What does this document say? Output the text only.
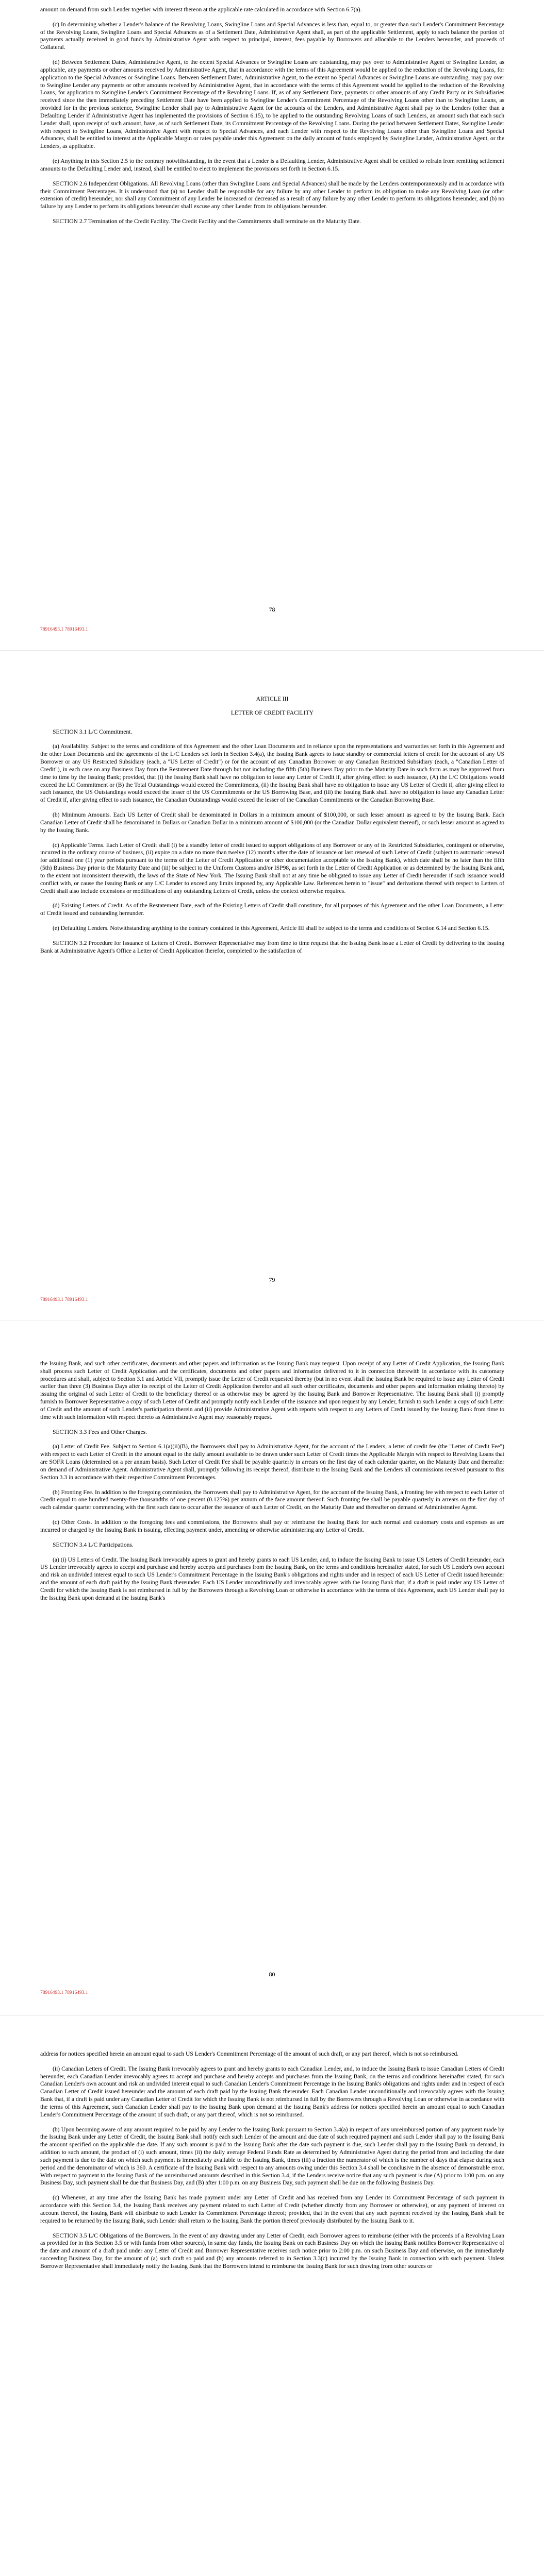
amount on demand from such Lender together with interest thereon at the applicable rate calculated in accordance with Section 6.7(a).

(c) In determining whether a Lender's balance of the Revolving Loans, Swingline Loans and Special Advances is less than, equal to, or greater than such Lender's Commitment Percentage of the Revolving Loans, Swingline Loans and Special Advances as of a Settlement Date, Administrative Agent shall, as part of the applicable Settlement, apply to such balance the portion of payments actually received in good funds by Administrative Agent with respect to principal, interest, fees payable by Borrowers and allocable to the Lenders hereunder, and proceeds of Collateral.

(d) Between Settlement Dates, Administrative Agent, to the extent Special Advances or Swingline Loans are outstanding, may pay over to Administrative Agent or Swingline Lender, as applicable, any payments or other amounts received by Administrative Agent, that in accordance with the terms of this Agreement would be applied to the reduction of the Revolving Loans, for application to the Special Advances or Swingline Loans. Between Settlement Dates, Administrative Agent, to the extent no Special Advances or Swingline Loans are outstanding, may pay over to Swingline Lender any payments or other amounts received by Administrative Agent, that in accordance with the terms of this Agreement would be applied to the reduction of the Revolving Loans, for application to Swingline Lender's Commitment Percentage of the Revolving Loans. If, as of any Settlement Date, payments or other amounts of any Credit Party or its Subsidiaries received since the then immediately preceding Settlement Date have been applied to Swingline Lender's Commitment Percentage of the Revolving Loans other than to Swingline Loans, as provided for in the previous sentence, Swingline Lender shall pay to Administrative Agent for the accounts of the Lenders, and Administrative Agent shall pay to the Lenders (other than a Defaulting Lender if Administrative Agent has implemented the provisions of Section 6.15), to be applied to the outstanding Revolving Loans of such Lenders, an amount such that each such Lender shall, upon receipt of such amount, have, as of such Settlement Date, its Commitment Percentage of the Revolving Loans. During the period between Settlement Dates, Swingline Lender with respect to Swingline Loans, Administrative Agent with respect to Special Advances, and each Lender with respect to the Revolving Loans other than Swingline Loans and Special Advances, shall be entitled to interest at the Applicable Margin or rates payable under this Agreement on the daily amount of funds employed by Swingline Lender, Administrative Agent, or the Lenders, as applicable.

(e) Anything in this Section 2.5 to the contrary notwithstanding, in the event that a Lender is a Defaulting Lender, Administrative Agent shall be entitled to refrain from remitting settlement amounts to the Defaulting Lender and, instead, shall be entitled to elect to implement the provisions set forth in Section 6.15.

SECTION 2.6 Independent Obligations. All Revolving Loans (other than Swingline Loans and Special Advances) shall be made by the Lenders contemporaneously and in accordance with their Commitment Percentages. It is understood that (a) no Lender shall be responsible for any failure by any other Lender to perform its obligation to make any Revolving Loan (or other extension of credit) hereunder, nor shall any Commitment of any Lender be increased or decreased as a result of any failure by any other Lender to perform its obligations hereunder, and (b) no failure by any Lender to perform its obligations hereunder shall excuse any other Lender from its obligations hereunder.

SECTION 2.7 Termination of the Credit Facility. The Credit Facility and the Commitments shall terminate on the Maturity Date.

78
78916493.1 78916493.1
ARTICLE III
LETTER OF CREDIT FACILITY

SECTION 3.1 L/C Commitment.

(a) Availability. Subject to the terms and conditions of this Agreement and the other Loan Documents and in reliance upon the representations and warranties set forth in this Agreement and the other Loan Documents and the agreements of the L/C Lenders set forth in Section 3.4(a), the Issuing Bank agrees to issue standby or commercial letters of credit for the account of any US Borrower or any US Restricted Subsidiary (each, a "US Letter of Credit") or for the account of any Canadian Borrower or any Canadian Restricted Subsidiary (each, a "Canadian Letter of Credit"), in each case on any Business Day from the Restatement Date through but not including the fifth (5th) Business Day prior to the Maturity Date in such form as may be approved from time to time by the Issuing Bank; provided, that (i) the Issuing Bank shall have no obligation to issue any Letter of Credit if, after giving effect to such issuance, (A) the L/C Obligations would exceed the LC Commitment or (B) the Total Outstandings would exceed the Commitments, (ii) the Issuing Bank shall have no obligation to issue any US Letter of Credit if, after giving effect to such issuance, the US Outstandings would exceed the lesser of the US Commitments or the US Borrowing Base, and (iii) the Issuing Bank shall have no obligation to issue any Canadian Letter of Credit if, after giving effect to such issuance, the Canadian Outstandings would exceed the lesser of the Canadian Commitments or the Canadian Borrowing Base.

(b) Minimum Amounts. Each US Letter of Credit shall be denominated in Dollars in a minimum amount of $100,000, or such lesser amount as agreed to by the Issuing Bank. Each Canadian Letter of Credit shall be denominated in Dollars or Canadian Dollar in a minimum amount of $100,000 (or the Canadian Dollar equivalent thereof), or such lesser amount as agreed to by the Issuing Bank.

(c) Applicable Terms. Each Letter of Credit shall (i) be a standby letter of credit issued to support obligations of any Borrower or any of its Restricted Subsidiaries, contingent or otherwise, incurred in the ordinary course of business, (ii) expire on a date no more than twelve (12) months after the date of issuance or last renewal of such Letter of Credit (subject to automatic renewal for additional one (1) year periods pursuant to the terms of the Letter of Credit Application or other documentation acceptable to the Issuing Bank), which date shall be no later than the fifth (5th) Business Day prior to the Maturity Date and (iii) be subject to the Uniform Customs and/or ISP98, as set forth in the Letter of Credit Application or as determined by the Issuing Bank and, to the extent not inconsistent therewith, the laws of the State of New York. The Issuing Bank shall not at any time be obligated to issue any Letter of Credit hereunder if such issuance would conflict with, or cause the Issuing Bank or any L/C Lender to exceed any limits imposed by, any Applicable Law. References herein to "issue" and derivations thereof with respect to Letters of Credit shall also include extensions or modifications of any outstanding Letters of Credit, unless the context otherwise requires.

(d) Existing Letters of Credit. As of the Restatement Date, each of the Existing Letters of Credit shall constitute, for all purposes of this Agreement and the other Loan Documents, a Letter of Credit issued and outstanding hereunder.

(e) Defaulting Lenders. Notwithstanding anything to the contrary contained in this Agreement, Article III shall be subject to the terms and conditions of Section 6.14 and Section 6.15.

SECTION 3.2 Procedure for Issuance of Letters of Credit. Borrower Representative may from time to time request that the Issuing Bank issue a Letter of Credit by delivering to the Issuing Bank at Administrative Agent's Office a Letter of Credit Application therefor, completed to the satisfaction of

79
78916493.1 78916493.1

the Issuing Bank, and such other certificates, documents and other papers and information as the Issuing Bank may request. Upon receipt of any Letter of Credit Application, the Issuing Bank shall process such Letter of Credit Application and the certificates, documents and other papers and information delivered to it in connection therewith in accordance with its customary procedures and shall, subject to Section 3.1 and Article VII, promptly issue the Letter of Credit requested thereby (but in no event shall the Issuing Bank be required to issue any Letter of Credit earlier than three (3) Business Days after its receipt of the Letter of Credit Application therefor and all such other certificates, documents and other papers and information relating thereto) by issuing the original of such Letter of Credit to the beneficiary thereof or as otherwise may be agreed by the Issuing Bank and Borrower Representative. The Issuing Bank shall (i) promptly furnish to Borrower Representative a copy of such Letter of Credit and promptly notify each Lender of the issuance and upon request by any Lender, furnish to such Lender a copy of such Letter of Credit and the amount of such Lender's participation therein and (ii) provide Administrative Agent with reports with respect to any Letters of Credit issued by the Issuing Bank from time to time with such information with respect thereto as Administrative Agent may reasonably request.

SECTION 3.3 Fees and Other Charges.

(a) Letter of Credit Fee. Subject to Section 6.1(a)(ii)(B), the Borrowers shall pay to Administrative Agent, for the account of the Lenders, a letter of credit fee (the "Letter of Credit Fee") with respect to each Letter of Credit in the amount equal to the daily amount available to be drawn under such Letter of Credit times the Applicable Margin with respect to Revolving Loans that are SOFR Loans (determined on a per annum basis). Such Letter of Credit Fee shall be payable quarterly in arrears on the first day of each calendar quarter, on the Maturity Date and thereafter on demand of Administrative Agent. Administrative Agent shall, promptly following its receipt thereof, distribute to the Issuing Bank and the Lenders all commissions received pursuant to this Section 3.3 in accordance with their respective Commitment Percentages.

(b) Fronting Fee. In addition to the foregoing commission, the Borrowers shall pay to Administrative Agent, for the account of the Issuing Bank, a fronting fee with respect to each Letter of Credit equal to one hundred twenty-five thousandths of one percent (0.125%) per annum of the face amount thereof. Such fronting fee shall be payable quarterly in arrears on the first day of each calendar quarter commencing with the first such date to occur after the issuance of such Letter of Credit, on the Maturity Date and thereafter on demand of Administrative Agent.

(c) Other Costs. In addition to the foregoing fees and commissions, the Borrowers shall pay or reimburse the Issuing Bank for such normal and customary costs and expenses as are incurred or charged by the Issuing Bank in issuing, effecting payment under, amending or otherwise administering any Letter of Credit.

SECTION 3.4 L/C Participations.

(a) (i) US Letters of Credit. The Issuing Bank irrevocably agrees to grant and hereby grants to each US Lender, and, to induce the Issuing Bank to issue US Letters of Credit hereunder, each US Lender irrevocably agrees to accept and purchase and hereby accepts and purchases from the Issuing Bank, on the terms and conditions hereinafter stated, for such US Lender's own account and risk an undivided interest equal to such US Lender's Commitment Percentage in the Issuing Bank's obligations and rights under and in respect of each US Letter of Credit issued hereunder and the amount of each draft paid by the Issuing Bank thereunder. Each US Lender unconditionally and irrevocably agrees with the Issuing Bank that, if a draft is paid under any US Letter of Credit for which the Issuing Bank is not reimbursed in full by the Borrowers through a Revolving Loan or otherwise in accordance with the terms of this Agreement, such US Lender shall pay to the Issuing Bank upon demand at the Issuing Bank's

80
78916493.1 78916493.1

address for notices specified herein an amount equal to such US Lender's Commitment Percentage of the amount of such draft, or any part thereof, which is not so reimbursed.

(ii) Canadian Letters of Credit. The Issuing Bank irrevocably agrees to grant and hereby grants to each Canadian Lender, and, to induce the Issuing Bank to issue Canadian Letters of Credit hereunder, each Canadian Lender irrevocably agrees to accept and purchase and hereby accepts and purchases from the Issuing Bank, on the terms and conditions hereinafter stated, for such Canadian Lender's own account and risk an undivided interest equal to such Canadian Lender's Commitment Percentage in the Issuing Bank's obligations and rights under and in respect of each Canadian Letter of Credit issued hereunder and the amount of each draft paid by the Issuing Bank thereunder. Each Canadian Lender unconditionally and irrevocably agrees with the Issuing Bank that, if a draft is paid under any Canadian Letter of Credit for which the Issuing Bank is not reimbursed in full by the Borrowers through a Revolving Loan or otherwise in accordance with the terms of this Agreement, such Canadian Lender shall pay to the Issuing Bank upon demand at the Issuing Bank's address for notices specified herein an amount equal to such Canadian Lender's Commitment Percentage of the amount of such draft, or any part thereof, which is not so reimbursed.

(b) Upon becoming aware of any amount required to be paid by any Lender to the Issuing Bank pursuant to Section 3.4(a) in respect of any unreimbursed portion of any payment made by the Issuing Bank under any Letter of Credit, the Issuing Bank shall notify each such Lender of the amount and due date of such required payment and such Lender shall pay to the Issuing Bank the amount specified on the applicable due date. If any such amount is paid to the Issuing Bank after the date such payment is due, such Lender shall pay to the Issuing Bank on demand, in addition to such amount, the product of (i) such amount, times (ii) the daily average Federal Funds Rate as determined by Administrative Agent during the period from and including the date such payment is due to the date on which such payment is immediately available to the Issuing Bank, times (iii) a fraction the numerator of which is the number of days that elapse during such period and the denominator of which is 360. A certificate of the Issuing Bank with respect to any amounts owing under this Section 3.4 shall be conclusive in the absence of demonstrable error. With respect to payment to the Issuing Bank of the unreimbursed amounts described in this Section 3.4, if the Lenders receive notice that any such payment is due (A) prior to 1:00 p.m. on any Business Day, such payment shall be due that Business Day, and (B) after 1:00 p.m. on any Business Day, such payment shall be due on the following Business Day.

(c) Whenever, at any time after the Issuing Bank has made payment under any Letter of Credit and has received from any Lender its Commitment Percentage of such payment in accordance with this Section 3.4, the Issuing Bank receives any payment related to such Letter of Credit (whether directly from any Borrower or otherwise), or any payment of interest on account thereof, the Issuing Bank will distribute to such Lender its Commitment Percentage thereof; provided, that in the event that any such payment received by the Issuing Bank shall be required to be returned by the Issuing Bank, such Lender shall return to the Issuing Bank the portion thereof previously distributed by the Issuing Bank to it.

SECTION 3.5 L/C Obligations of the Borrowers. In the event of any drawing under any Letter of Credit, each Borrower agrees to reimburse (either with the proceeds of a Revolving Loan as provided for in this Section 3.5 or with funds from other sources), in same day funds, the Issuing Bank on each Business Day on which the Issuing Bank notifies Borrower Representative of the date and amount of a draft paid under any Letter of Credit and Borrower Representative receives such notice prior to 2:00 p.m. on such Business Day and otherwise, on the immediately succeeding Business Day, for the amount of (a) such draft so paid and (b) any amounts referred to in Section 3.3(c) incurred by the Issuing Bank in connection with such payment. Unless Borrower Representative shall immediately notify the Issuing Bank that the Borrowers intend to reimburse the Issuing Bank for such drawing from other sources or
